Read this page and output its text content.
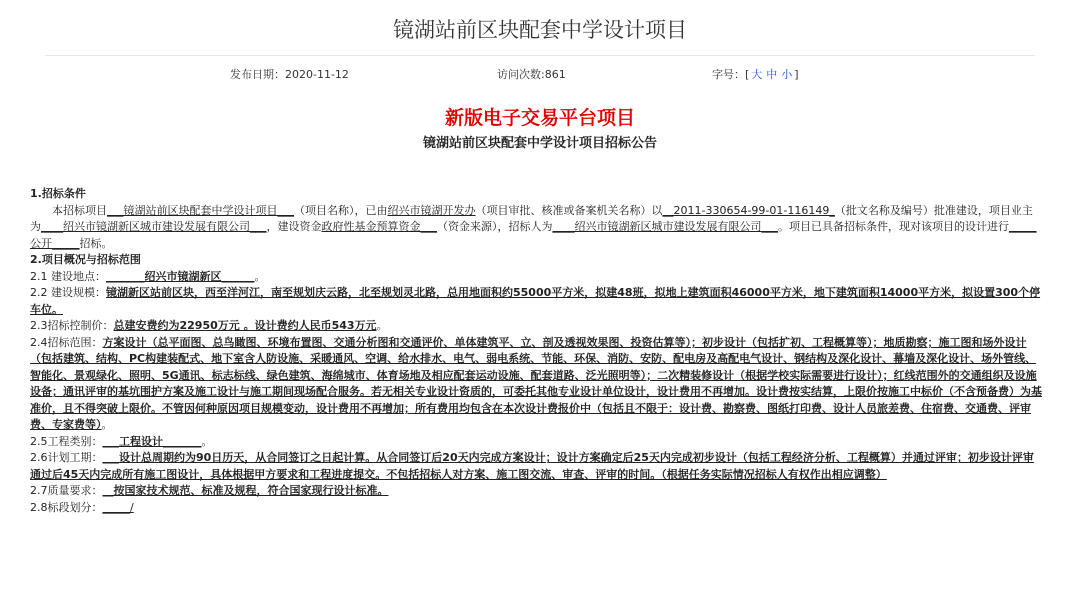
镜湖站前区块配套中学设计项目
发布日期：2020-11-12	访问次数:861	字号：[ 大 中 小 ]
新版电子交易平台项目
镜湖站前区块配套中学设计项目招标公告

1.招标条件

本招标项目___镜湖站前区块配套中学设计项目___（项目名称），已由绍兴市镜湖开发办（项目审批、核准或备案机关名称）以__2011-330654-99-01-116149_（批文名称及编号）批准建设，项目业主为____绍兴市镜湖新区城市建设发展有限公司___，建设资金政府性基金预算资金___（资金来源），招标人为____绍兴市镜湖新区城市建设发展有限公司___。项目已具备招标条件，现对该项目的设计进行_____公开_____招标。

2.项目概况与招标范围

2.1 建设地点：_______绍兴市镜湖新区______。

2.2 建设规模：镜湖新区站前区块，西至洋河江，南至规划庆云路，北至规划灵北路，总用地面积约55000平方米，拟建48班，拟地上建筑面积46000平方米，地下建筑面积14000平方米，拟设置300个停车位。

2.3招标控制价：总建安费约为22950万元 。设计费约人民币543万元。

2.4招标范围：方案设计（总平面图、总鸟瞰图、环境布置图、交通分析图和交通评价、单体建筑平、立、剖及透视效果图、投资估算等）；初步设计（包括扩初、工程概算等）；地质勘察；施工图和场外设计（包括建筑、结构、PC构建装配式、地下室含人防设施、采暖通风、空调、给水排水、电气、弱电系统、节能、环保、消防、安防、配电房及高配电气设计、钢结构及深化设计、幕墙及深化设计、场外管线、智能化、景观绿化、照明、5G通讯、标志标线、绿色建筑、海绵城市、体育场地及相应配套运动设施、配套道路、泛光照明等）；二次精装修设计（根据学校实际需要进行设计）；红线范围外的交通组织及设施设备；通讯评审的基坑围护方案及施工设计与施工期间现场配合服务。若无相关专业设计资质的，可委托其他专业设计单位设计，设计费用不再增加。设计费按实结算，上限价按施工中标价（不含预备费）为基准价，且不得突破上限价。不管因何种原因项目规模变动，设计费用不再增加；所有费用均包含在本次设计费报价中（包括且不限于：设计费、勘察费、图纸打印费、设计人员旅差费、住宿费、交通费、评审费、专家费等）。

2.5工程类别：___工程设计_______。

2.6计划工期：___设计总周期约为90日历天，从合同签订之日起计算。从合同签订后20天内完成方案设计；设计方案确定后25天内完成初步设计（包括工程经济分析、工程概算）并通过评审；初步设计评审通过后45天内完成所有施工图设计，具体根据甲方要求和工程进度提交。不包括招标人对方案、施工图交流、审查、评审的时间。（根据任务实际情况招标人有权作出相应调整）

2.7质量要求：__按国家技术规范、标准及规程，符合国家现行设计标准。

2.8标段划分：_____/
